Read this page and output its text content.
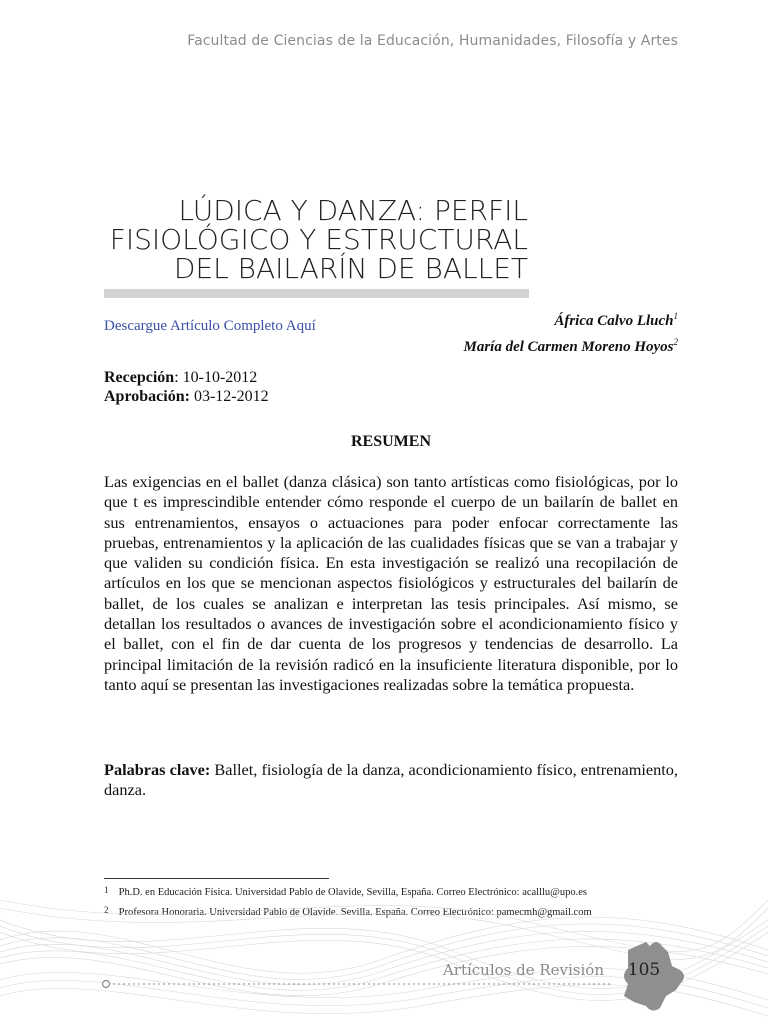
Facultad de Ciencias de la Educación, Humanidades, Filosofía y Artes
LÚDICA Y DANZA: PERFIL
FISIOLÓGICO Y ESTRUCTURAL
DEL BAILARÍN DE BALLET
Descargue Artículo Completo Aquí	África Calvo Lluch$^1$
María del Carmen Moreno Hoyos$^2$
Recepción: 10-10-2012
Aprobación: 03-12-2012
RESUMEN
Las exigencias en el ballet (danza clásica) son tanto artísticas como fisiológicas, por lo que t es imprescindible entender cómo responde el cuerpo de un bailarín de ballet en sus entrenamientos, ensayos o actuaciones para poder enfocar correctamente las pruebas, entrenamientos y la aplicación de las cualidades físicas que se van a trabajar y que validen su condición física. En esta investigación se realizó una recopilación de artículos en los que se mencionan aspectos fisiológicos y estructurales del bailarín de ballet, de los cuales se analizan e interpretan las tesis principales. Así mismo, se detallan los resultados o avances de investigación sobre el acondicionamiento físico y el ballet, con el fin de dar cuenta de los progresos y tendencias de desarrollo. La principal limitación de la revisión radicó en la insuficiente literatura disponible, por lo tanto aquí se presentan las investigaciones realizadas sobre la temática propuesta.
Palabras clave: Ballet, fisiología de la danza, acondicionamiento físico, entrenamiento, danza.
1 Ph.D. en Educación Física. Universidad Pablo de Olavide, Sevilla, España. Correo Electrónico: acalllu@upo.es
2 Profesora Honoraria. Universidad Pablo de Olavide. Sevilla. España. Correo Electrónico: pamecmh@gmail.com
Artículos de Revisión 105
